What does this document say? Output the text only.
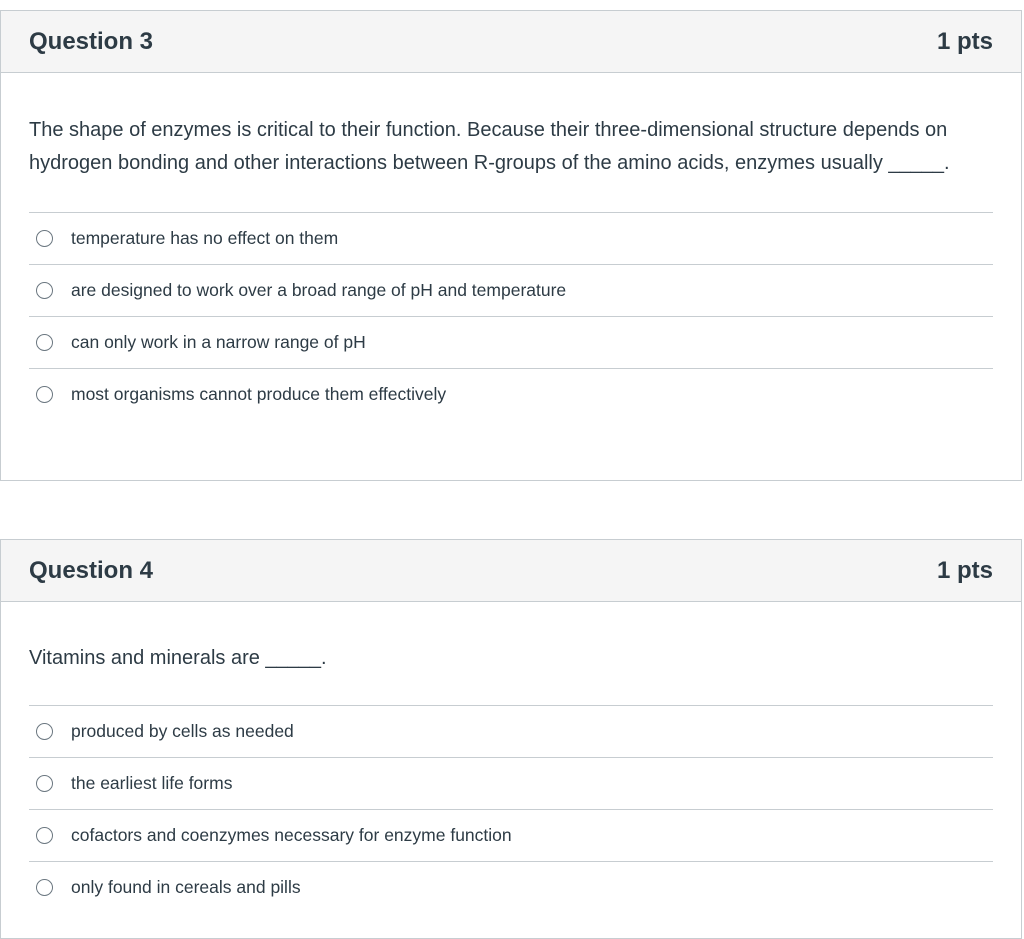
Question 3	1 pts

The shape of enzymes is critical to their function. Because their three-dimensional structure depends on hydrogen bonding and other interactions between R-groups of the amino acids, enzymes usually _____.

temperature has no effect on them
are designed to work over a broad range of pH and temperature
can only work in a narrow range of pH
most organisms cannot produce them effectively
Question 4	1 pts

Vitamins and minerals are _____.

produced by cells as needed
the earliest life forms
cofactors and coenzymes necessary for enzyme function
only found in cereals and pills
